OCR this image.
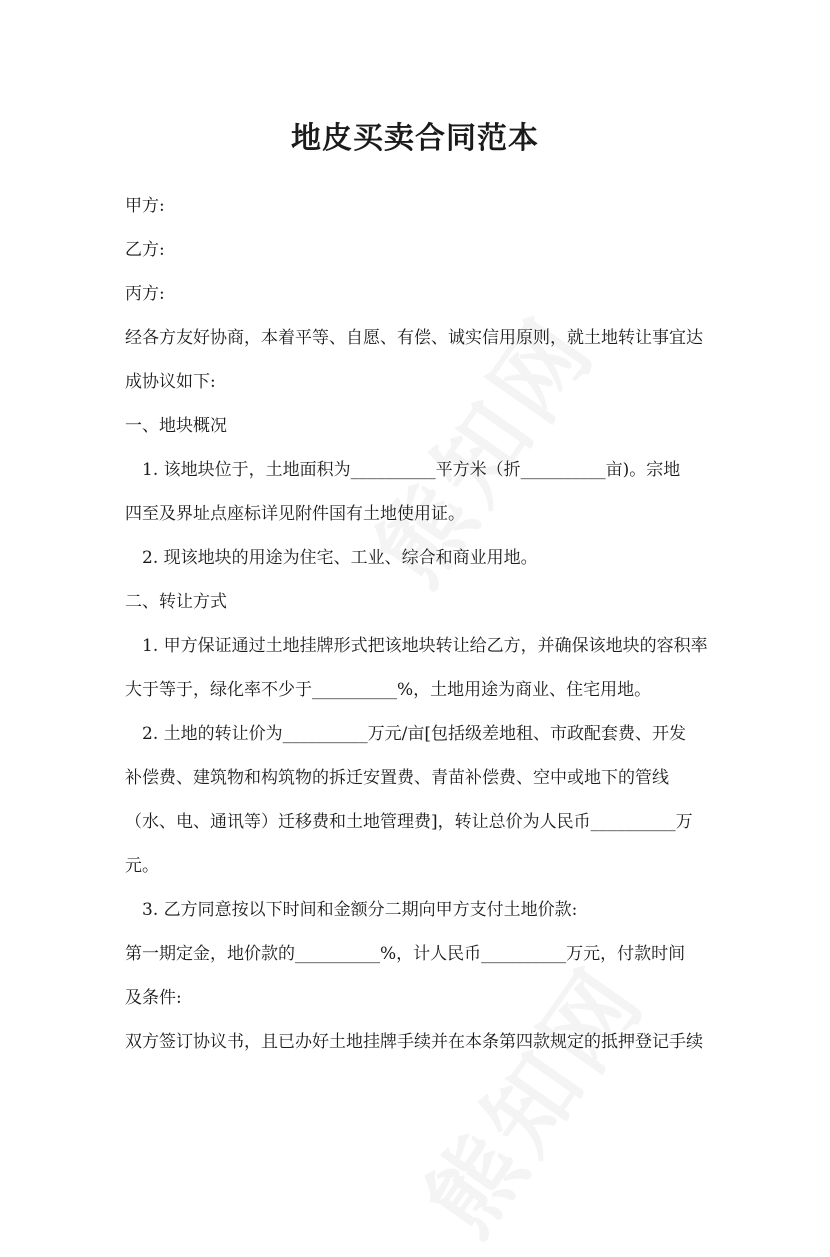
地皮买卖合同范本

甲方:

乙方:

丙方:

经各方友好协商，本着平等、自愿、有偿、诚实信用原则，就土地转让事宜达

成协议如下:

一、地块概况

1. 该地块位于，土地面积为__________平方米（折__________亩)。宗地

四至及界址点座标详见附件国有土地使用证。

2. 现该地块的用途为住宅、工业、综合和商业用地。

二、转让方式

1. 甲方保证通过土地挂牌形式把该地块转让给乙方，并确保该地块的容积率

大于等于，绿化率不少于__________%，土地用途为商业、住宅用地。

2. 土地的转让价为__________万元/亩[包括级差地租、市政配套费、开发

补偿费、建筑物和构筑物的拆迁安置费、青苗补偿费、空中或地下的管线

（水、电、通讯等）迁移费和土地管理费]，转让总价为人民币__________万

元。

3. 乙方同意按以下时间和金额分二期向甲方支付土地价款:

第一期定金，地价款的__________%，计人民币__________万元，付款时间

及条件:

双方签订协议书，且已办好土地挂牌手续并在本条第四款规定的抵押登记手续
